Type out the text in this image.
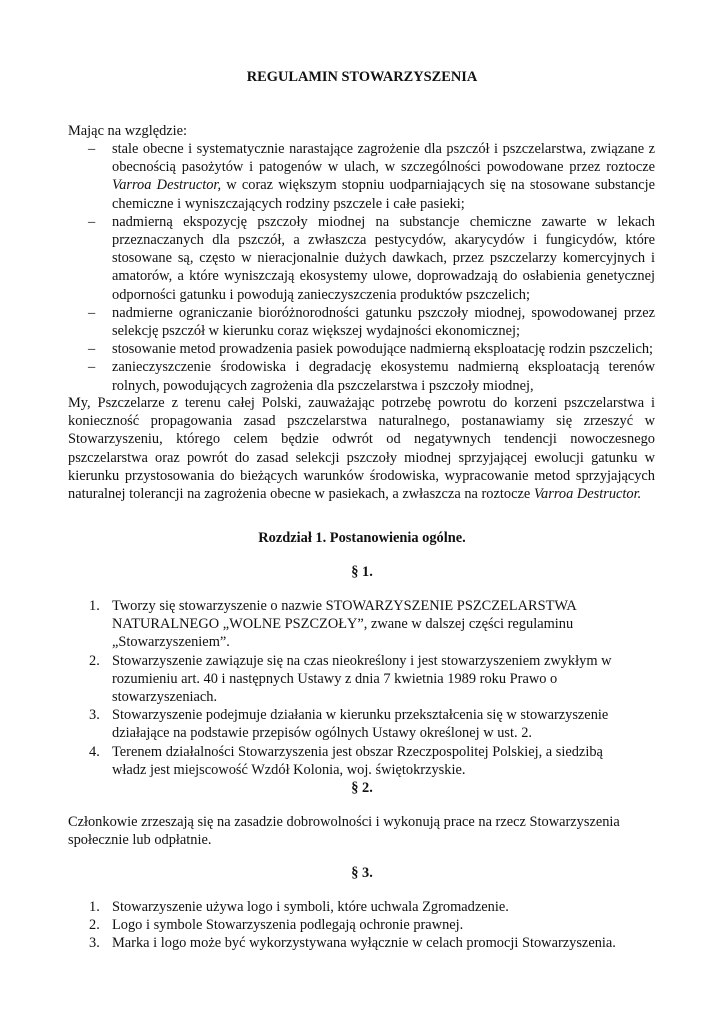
REGULAMIN STOWARZYSZENIA
Mając na względzie:
– stale obecne i systematycznie narastające zagrożenie dla pszczół i pszczelarstwa, związane z obecnością pasożytów i patogenów w ulach, w szczególności powodowane przez roztocze Varroa Destructor, w coraz większym stopniu uodparniających się na stosowane substancje chemiczne i wyniszczających rodziny pszczele i całe pasieki;
– nadmierną ekspozycję pszczoły miodnej na substancje chemiczne zawarte w lekach przeznaczanych dla pszczół, a zwłaszcza pestycydów, akarycydów i fungicydów, które stosowane są, często w nieracjonalnie dużych dawkach, przez pszczelarzy komercyjnych i amatorów, a które wyniszczają ekosystemy ulowe, doprowadzają do osłabienia genetycznej odporności gatunku i powodują zanieczyszczenia produktów pszczelich;
– nadmierne ograniczanie bioróżnorodności gatunku pszczoły miodnej, spowodowanej przez selekcję pszczół w kierunku coraz większej wydajności ekonomicznej;
– stosowanie metod prowadzenia pasiek powodujące nadmierną eksploatację rodzin pszczelich;
– zanieczyszczenie środowiska i degradację ekosystemu nadmierną eksploatacją terenów rolnych, powodujących zagrożenia dla pszczelarstwa i pszczoły miodnej,
My, Pszczelarze z terenu całej Polski, zauważając potrzebę powrotu do korzeni pszczelarstwa i konieczność propagowania zasad pszczelarstwa naturalnego, postanawiamy się zrzeszyć w Stowarzyszeniu, którego celem będzie odwrót od negatywnych tendencji nowoczesnego pszczelarstwa oraz powrót do zasad selekcji pszczoły miodnej sprzyjającej ewolucji gatunku w kierunku przystosowania do bieżących warunków środowiska, wypracowanie metod sprzyjających naturalnej tolerancji na zagrożenia obecne w pasiekach, a zwłaszcza na roztocze Varroa Destructor.
Rozdział 1. Postanowienia ogólne.
§ 1.
1. Tworzy się stowarzyszenie o nazwie STOWARZYSZENIE PSZCZELARSTWA NATURALNEGO „WOLNE PSZCZOŁY”, zwane w dalszej części regulaminu „Stowarzyszeniem”.
2. Stowarzyszenie zawiązuje się na czas nieokreślony i jest stowarzyszeniem zwykłym w rozumieniu art. 40 i następnych Ustawy z dnia 7 kwietnia 1989 roku Prawo o stowarzyszeniach.
3. Stowarzyszenie podejmuje działania w kierunku przekształcenia się w stowarzyszenie działające na podstawie przepisów ogólnych Ustawy określonej w ust. 2.
4. Terenem działalności Stowarzyszenia jest obszar Rzeczpospolitej Polskiej, a siedzibą władz jest miejscowość Wzdół Kolonia, woj. świętokrzyskie.
§ 2.
Członkowie zrzeszają się na zasadzie dobrowolności i wykonują prace na rzecz Stowarzyszenia społecznie lub odpłatnie.
§ 3.
1. Stowarzyszenie używa logo i symboli, które uchwala Zgromadzenie.
2. Logo i symbole Stowarzyszenia podlegają ochronie prawnej.
3. Marka i logo może być wykorzystywana wyłącznie w celach promocji Stowarzyszenia.
